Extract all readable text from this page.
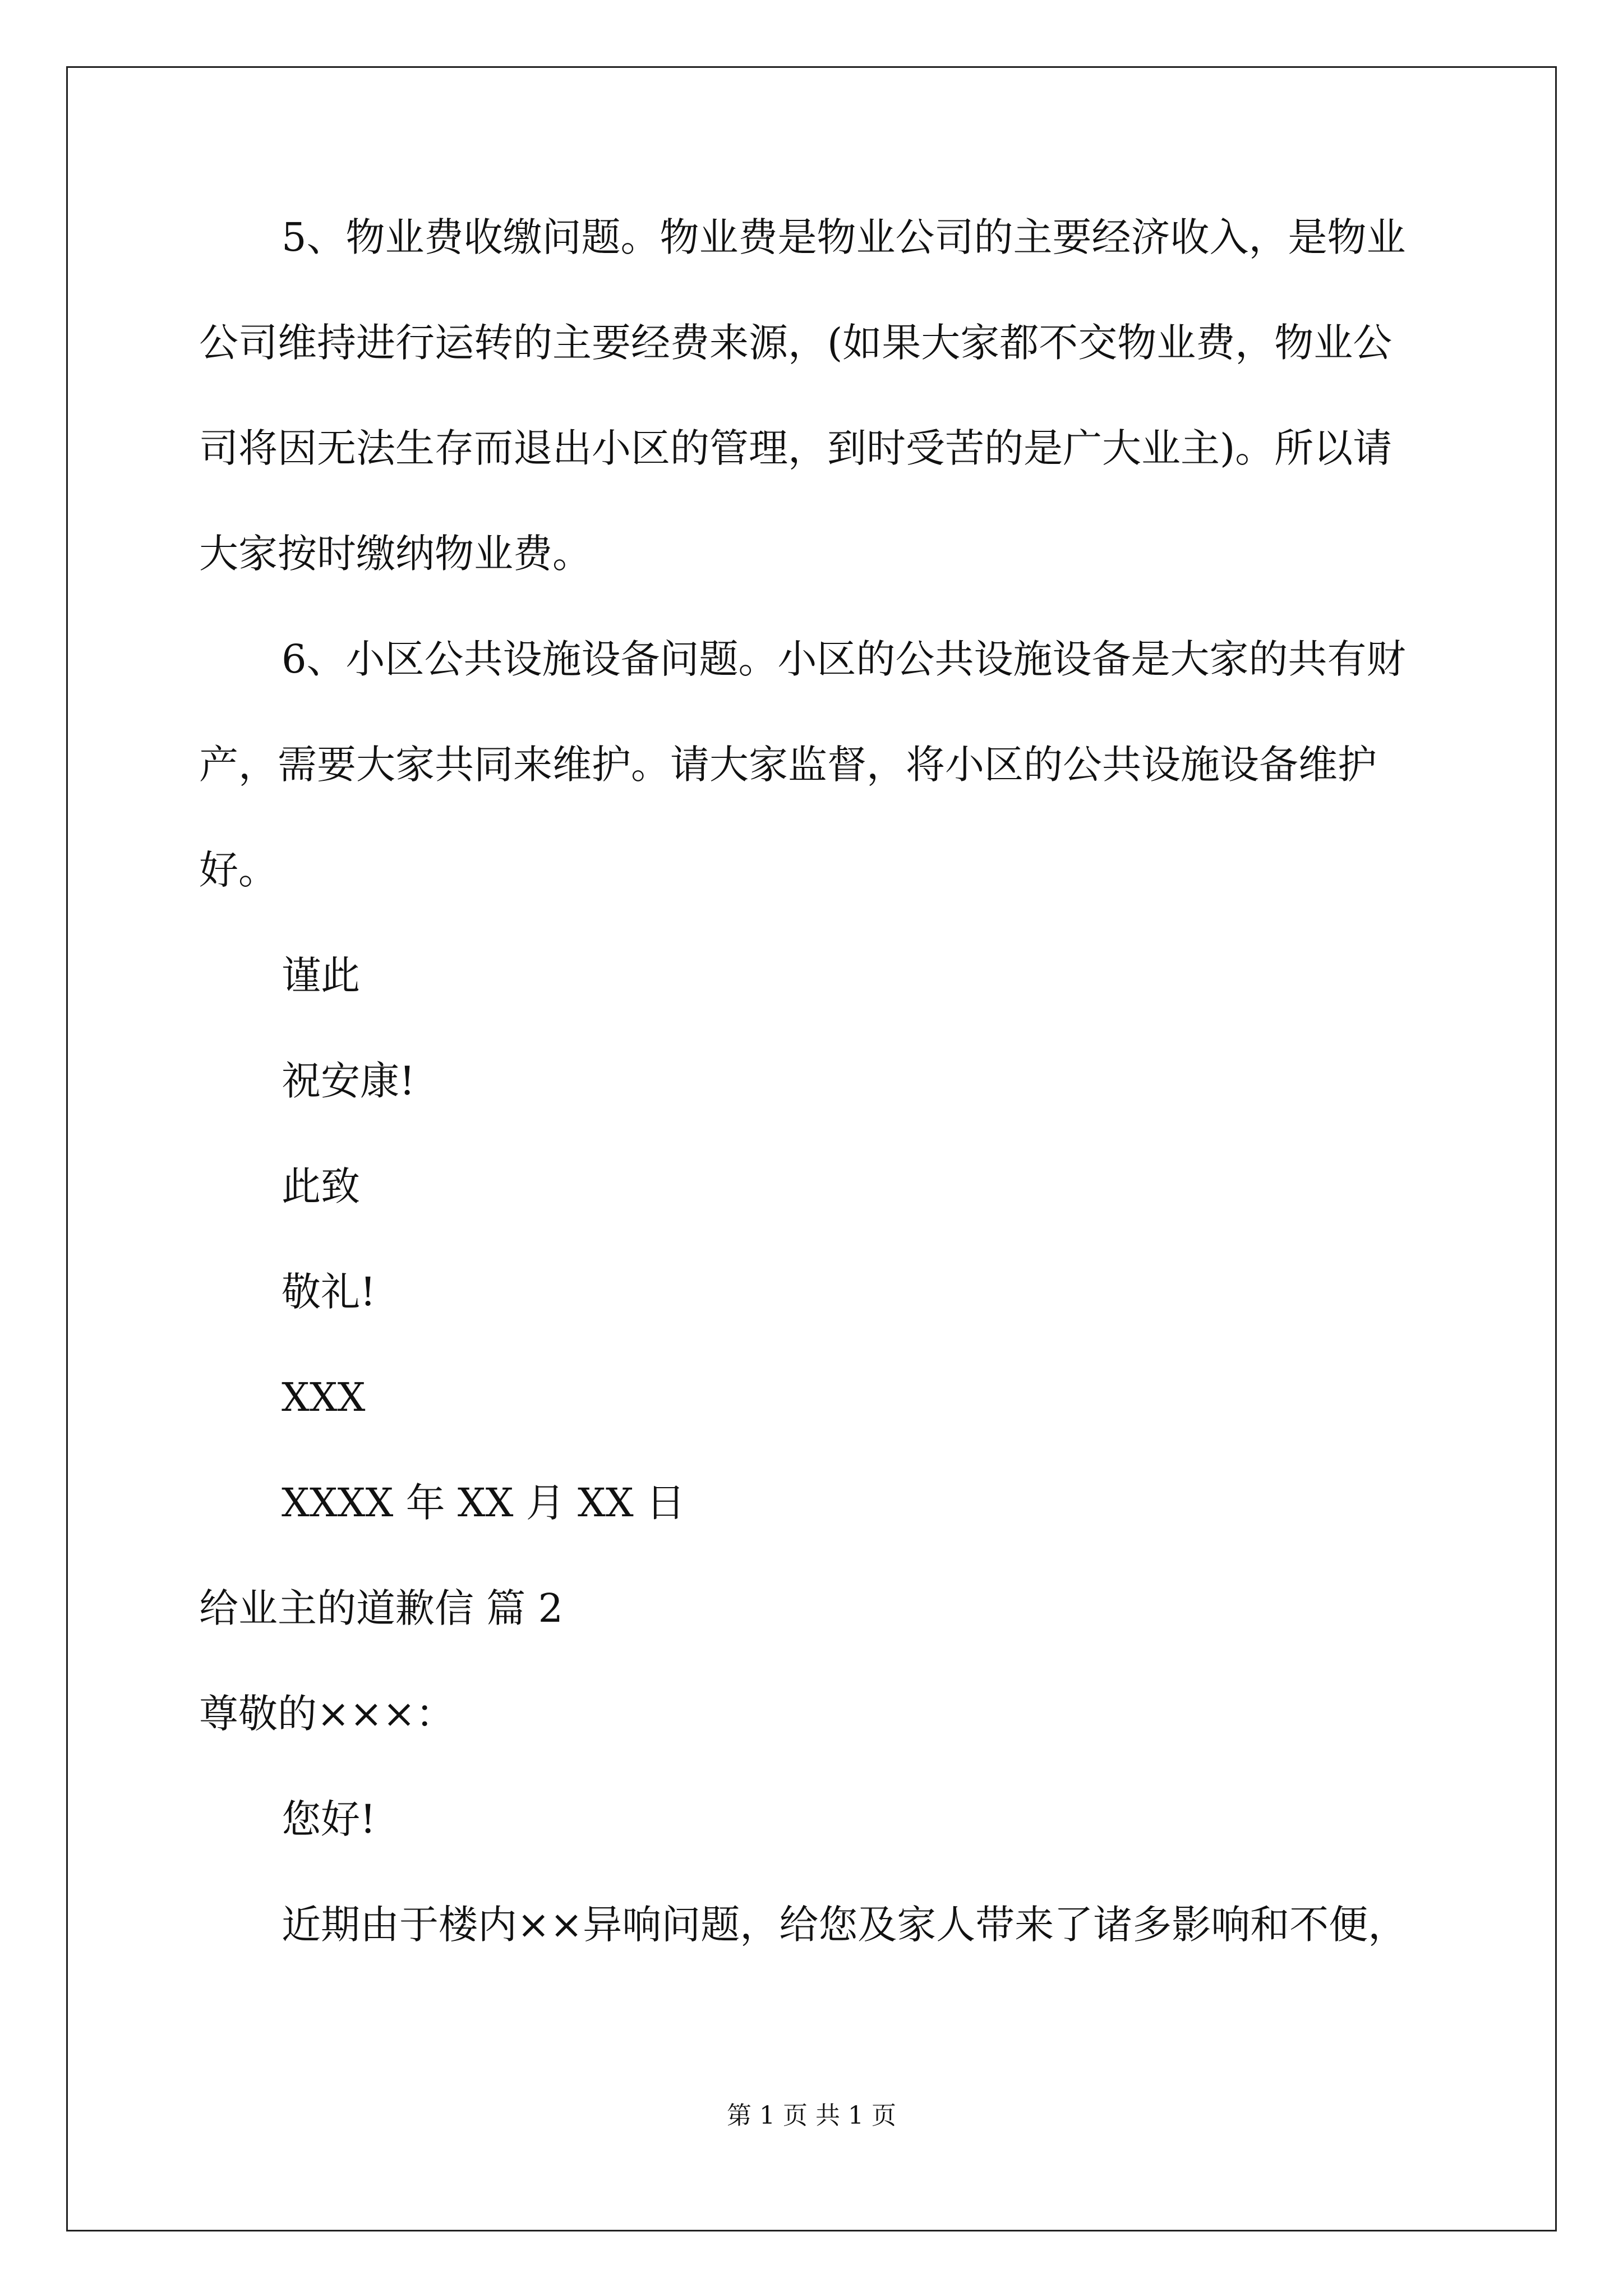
5、物业费收缴问题。物业费是物业公司的主要经济收入，是物业
公司维持进行运转的主要经费来源，(如果大家都不交物业费，物业公
司将因无法生存而退出小区的管理，到时受苦的是广大业主)。所以请
大家按时缴纳物业费。
6、小区公共设施设备问题。小区的公共设施设备是大家的共有财
产，需要大家共同来维护。请大家监督，将小区的公共设施设备维护
好。
谨此
祝安康!
此致
敬礼!
XXX
XXXX 年 XX 月 XX 日
给业主的道歉信 篇 2
尊敬的×××：
您好!
近期由于楼内××异响问题，给您及家人带来了诸多影响和不便，
第 1 页 共 1 页
